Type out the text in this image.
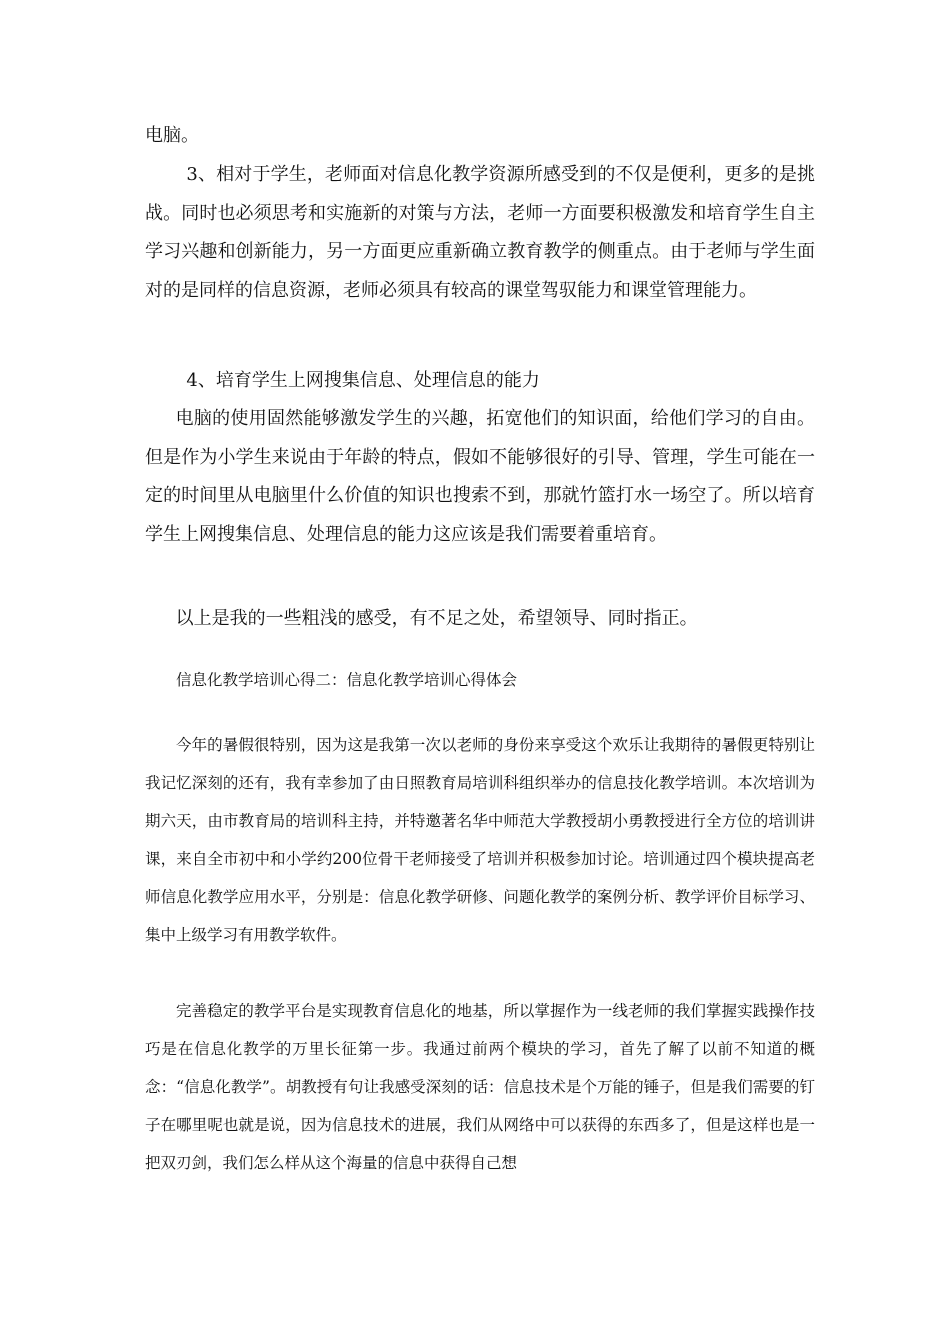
电脑。

3、相对于学生，老师面对信息化教学资源所感受到的不仅是便利，更多的是挑战。同时也必须思考和实施新的对策与方法，老师一方面要积极激发和培育学生自主学习兴趣和创新能力，另一方面更应重新确立教育教学的侧重点。由于老师与学生面对的是同样的信息资源，老师必须具有较高的课堂驾驭能力和课堂管理能力。

4、培育学生上网搜集信息、处理信息的能力

电脑的使用固然能够激发学生的兴趣，拓宽他们的知识面，给他们学习的自由。但是作为小学生来说由于年龄的特点，假如不能够很好的引导、管理，学生可能在一定的时间里从电脑里什么价值的知识也搜索不到，那就竹篮打水一场空了。所以培育学生上网搜集信息、处理信息的能力这应该是我们需要着重培育。

以上是我的一些粗浅的感受，有不足之处，希望领导、同时指正。

信息化教学培训心得二：信息化教学培训心得体会

今年的暑假很特别，因为这是我第一次以老师的身份来享受这个欢乐让我期待的暑假更特别让我记忆深刻的还有，我有幸参加了由日照教育局培训科组织举办的信息技化教学培训。本次培训为期六天，由市教育局的培训科主持，并特邀著名华中师范大学教授胡小勇教授进行全方位的培训讲课，来自全市初中和小学约200位骨干老师接受了培训并积极参加讨论。培训通过四个模块提高老师信息化教学应用水平，分别是：信息化教学研修、问题化教学的案例分析、教学评价目标学习、集中上级学习有用教学软件。

完善稳定的教学平台是实现教育信息化的地基，所以掌握作为一线老师的我们掌握实践操作技巧是在信息化教学的万里长征第一步。我通过前两个模块的学习，首先了解了以前不知道的概念：“信息化教学”。胡教授有句让我感受深刻的话：信息技术是个万能的锤子，但是我们需要的钉子在哪里呢也就是说，因为信息技术的进展，我们从网络中可以获得的东西多了，但是这样也是一把双刃剑，我们怎么样从这个海量的信息中获得自己想
